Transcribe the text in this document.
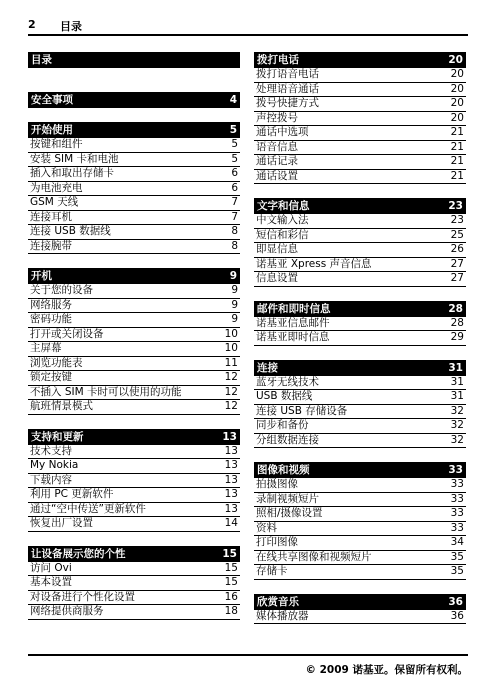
2 目录
目录
安全事项	4
开始使用	5
按键和组件	5
安装 SIM 卡和电池	5
插入和取出存储卡	6
为电池充电	6
GSM 天线	7
连接耳机	7
连接 USB 数据线	8
连接腕带	8
开机	9
关于您的设备	9
网络服务	9
密码功能	9
打开或关闭设备	10
主屏幕	10
浏览功能表	11
锁定按键	12
不插入 SIM 卡时可以使用的功能	12
航班情景模式	12
支持和更新	13
技术支持	13
My Nokia	13
下载内容	13
利用 PC 更新软件	13
通过“空中传送”更新软件	13
恢复出厂设置	14
让设备展示您的个性	15
访问 Ovi	15
基本设置	15
对设备进行个性化设置	16
网络提供商服务	18
拨打电话	20
拨打语音电话	20
处理语音通话	20
拨号快捷方式	20
声控拨号	20
通话中选项	21
语音信息	21
通话记录	21
通话设置	21
文字和信息	23
中文输入法	23
短信和彩信	25
即显信息	26
诺基亚 Xpress 声音信息	27
信息设置	27
邮件和即时信息	28
诺基亚信息邮件	28
诺基亚即时信息	29
连接	31
蓝牙无线技术	31
USB 数据线	31
连接 USB 存储设备	32
同步和备份	32
分组数据连接	32
图像和视频	33
拍摄图像	33
录制视频短片	33
照相/摄像设置	33
资料	33
打印图像	34
在线共享图像和视频短片	35
存储卡	35
欣赏音乐	36
媒体播放器	36
© 2009 诺基亚。保留所有权利。
